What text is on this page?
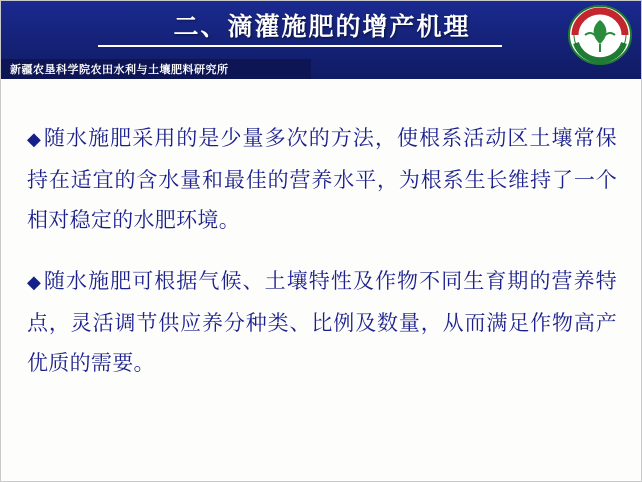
二、滴灌施肥的增产机理
新疆农垦科学院农田水利与土壤肥料研究所

◆随水施肥采用的是少量多次的方法，使根系活动区土壤常保持在适宜的含水量和最佳的营养水平，为根系生长维持了一个相对稳定的水肥环境。

◆随水施肥可根据气候、土壤特性及作物不同生育期的营养特点，灵活调节供应养分种类、比例及数量，从而满足作物高产优质的需要。
